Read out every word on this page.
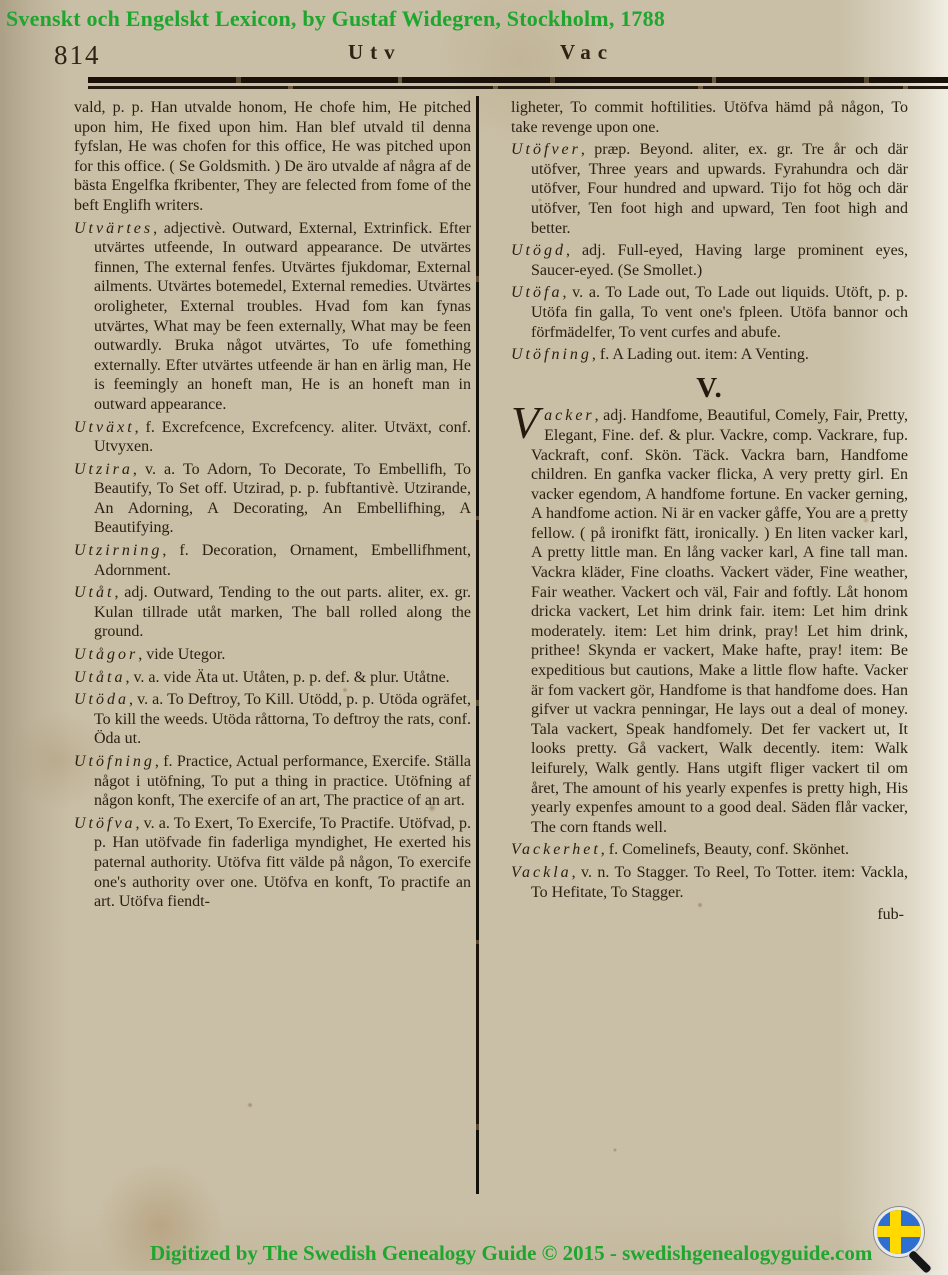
Svenskt och Engelskt Lexicon, by Gustaf Widegren, Stockholm, 1788
814	Utv	Vac

vald, p. p. Han utvalde honom, He chofe him, He pitched upon him, He fixed upon him. Han blef utvald til denna fyfslan, He was chofen for this office, He was pitched upon for this office. ( Se Goldsmith. ) De äro utvalde af några af de bästa Engelfka fkribenter, They are felected from fome of the beft Englifh writers.

Utvärtes, adjectivè. Outward, External, Extrinfick. Efter utvärtes utfeende, In outward appearance. De utvärtes finnen, The external fenfes. Utvärtes fjukdomar, External ailments. Utvärtes botemedel, External remedies. Utvärtes oroligheter, External troubles. Hvad fom kan fynas utvärtes, What may be feen externally, What may be feen outwardly. Bruka något utvärtes, To ufe fomething externally. Efter utvärtes utfeende är han en ärlig man, He is feemingly an honeft man, He is an honeft man in outward appearance.

Utväxt, f. Excrefcence, Excrefcency. aliter. Utväxt, conf. Utvyxen.

Utzira, v. a. To Adorn, To Decorate, To Embellifh, To Beautify, To Set off. Utzirad, p. p. fubftantivè. Utzirande, An Adorning, A Decorating, An Embellifhing, A Beautifying.

Utzirning, f. Decoration, Ornament, Embellifhment, Adornment.

Utåt, adj. Outward, Tending to the out parts. aliter, ex. gr. Kulan tillrade utåt marken, The ball rolled along the ground.

Utågor, vide Utegor.

Utåta, v. a. vide Äta ut. Utåten, p. p. def. & plur. Utåtne.

Utöda, v. a. To Deftroy, To Kill. Utödd, p. p. Utöda ogräfet, To kill the weeds. Utöda råttorna, To deftroy the rats, conf. Öda ut.

Utöfning, f. Practice, Actual performance, Exercife. Ställa något i utöfning, To put a thing in practice. Utöfning af någon konft, The exercife of an art, The practice of an art.

Utöfva, v. a. To Exert, To Exercife, To Practife. Utöfvad, p. p. Han utöfvade fin faderliga myndighet, He exerted his paternal authority. Utöfva fitt välde på någon, To exercife one's authority over one. Utöfva en konft, To practife an art. Utöfva fiendt-

ligheter, To commit hoftilities. Utöfva hämd på någon, To take revenge upon one.

Utöfver, præp. Beyond. aliter, ex. gr. Tre år och där utöfver, Three years and upwards. Fyrahundra och där utöfver, Four hundred and upward. Tijo fot hög och där utöfver, Ten foot high and upward, Ten foot high and better.

Utögd, adj. Full-eyed, Having large prominent eyes, Saucer-eyed. (Se Smollet.)

Utöfa, v. a. To Lade out, To Lade out liquids. Utöft, p. p. Utöfa fin galla, To vent one's fpleen. Utöfa bannor och förfmädelfer, To vent curfes and abufe.

Utöfning, f. A Lading out. item: A Venting.

V.

Vacker, adj. Handfome, Beautiful, Comely, Fair, Pretty, Elegant, Fine. def. & plur. Vackre, comp. Vackrare, fup. Vackraft, conf. Skön. Täck. Vackra barn, Handfome children. En ganfka vacker flicka, A very pretty girl. En vacker egendom, A handfome fortune. En vacker gerning, A handfome action. Ni är en vacker gåffe, You are a pretty fellow. ( på ironifkt fätt, ironically. ) En liten vacker karl, A pretty little man. En lång vacker karl, A fine tall man. Vackra kläder, Fine cloaths. Vackert väder, Fine weather, Fair weather. Vackert och väl, Fair and foftly. Låt honom dricka vackert, Let him drink fair. item: Let him drink moderately. item: Let him drink, pray! Let him drink, prithee! Skynda er vackert, Make hafte, pray! item: Be expeditious but cautions, Make a little flow hafte. Vacker är fom vackert gör, Handfome is that handfome does. Han gifver ut vackra penningar, He lays out a deal of money. Tala vackert, Speak handfomely. Det fer vackert ut, It looks pretty. Gå vackert, Walk decently. item: Walk leifurely, Walk gently. Hans utgift fliger vackert til om året, The amount of his yearly expenfes is pretty high, His yearly expenfes amount to a good deal. Säden flår vacker, The corn ftands well.

Vackerhet, f. Comelinefs, Beauty, conf. Skönhet.

Vackla, v. n. To Stagger. To Reel, To Totter. item: Vackla, To Hefitate, To Stagger.

fub-

Digitized by The Swedish Genealogy Guide © 2015 - swedishgenealogyguide.com
